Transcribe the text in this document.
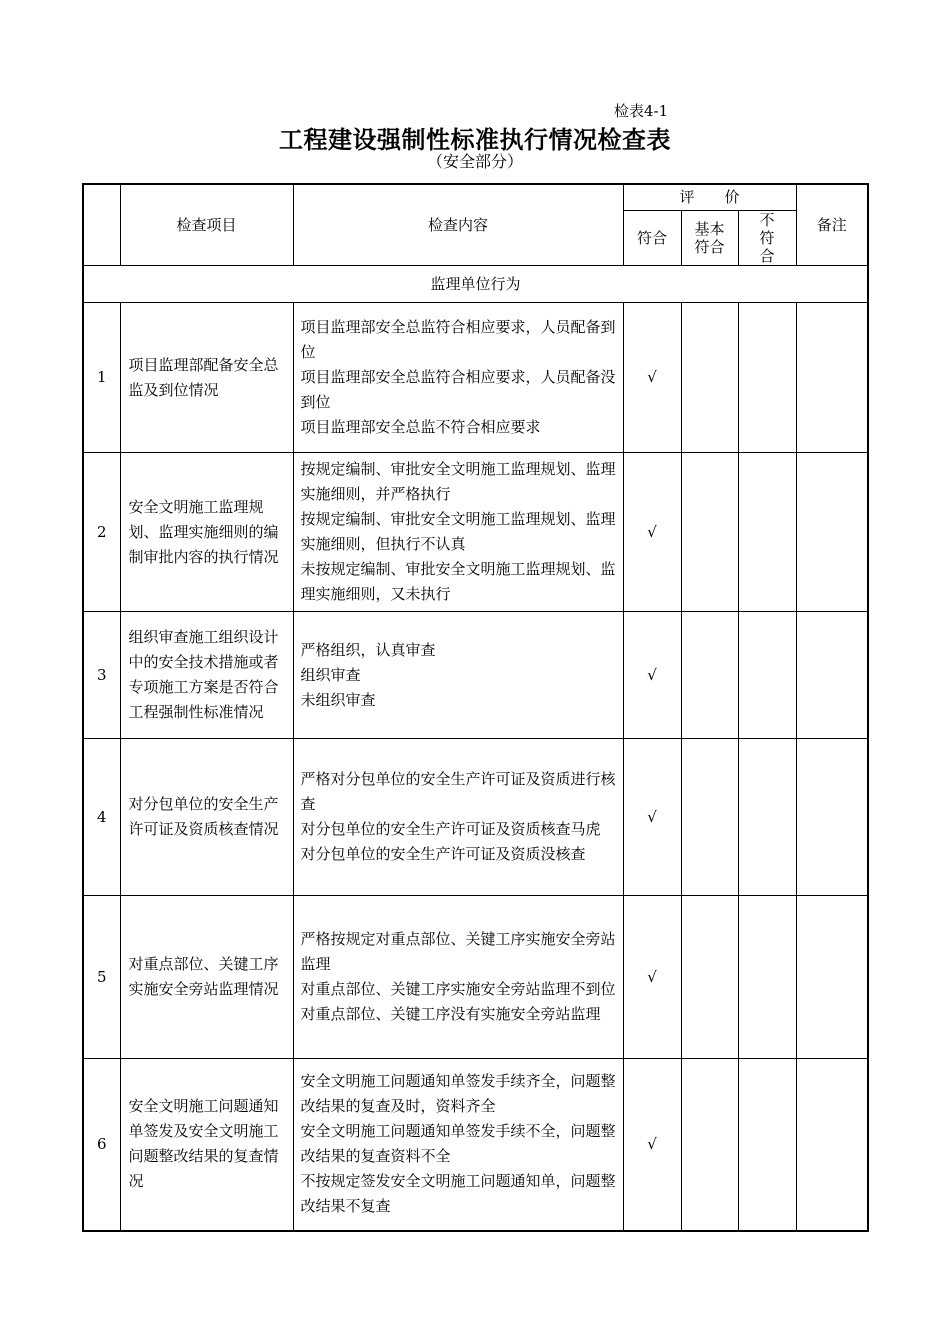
检表4-1
工程建设强制性标准执行情况检查表
（安全部分）
	检查项目	检查内容	评　　价			备注
			符合	基本符合	不符合	

监理单位行为						
1	项目监理部配备安全总监及到位情况	项目监理部安全总监符合相应要求，人员配备到位
项目监理部安全总监符合相应要求，人员配备没到位
项目监理部安全总监不符合相应要求	√			
2	安全文明施工监理规划、监理实施细则的编制审批内容的执行情况	按规定编制、审批安全文明施工监理规划、监理实施细则，并严格执行
按规定编制、审批安全文明施工监理规划、监理实施细则，但执行不认真
未按规定编制、审批安全文明施工监理规划、监理实施细则，又未执行	√			
3	组织审查施工组织设计中的安全技术措施或者专项施工方案是否符合工程强制性标准情况	严格组织，认真审查
组织审查
未组织审查	√			
4	对分包单位的安全生产许可证及资质核查情况	严格对分包单位的安全生产许可证及资质进行核查
对分包单位的安全生产许可证及资质核查马虎
对分包单位的安全生产许可证及资质没核查	√			
5	对重点部位、关键工序实施安全旁站监理情况	严格按规定对重点部位、关键工序实施安全旁站监理
对重点部位、关键工序实施安全旁站监理不到位
对重点部位、关键工序没有实施安全旁站监理	√			
6	安全文明施工问题通知单签发及安全文明施工问题整改结果的复查情况	安全文明施工问题通知单签发手续齐全，问题整改结果的复查及时，资料齐全
安全文明施工问题通知单签发手续不全，问题整改结果的复查资料不全
不按规定签发安全文明施工问题通知单，问题整改结果不复查	√			
